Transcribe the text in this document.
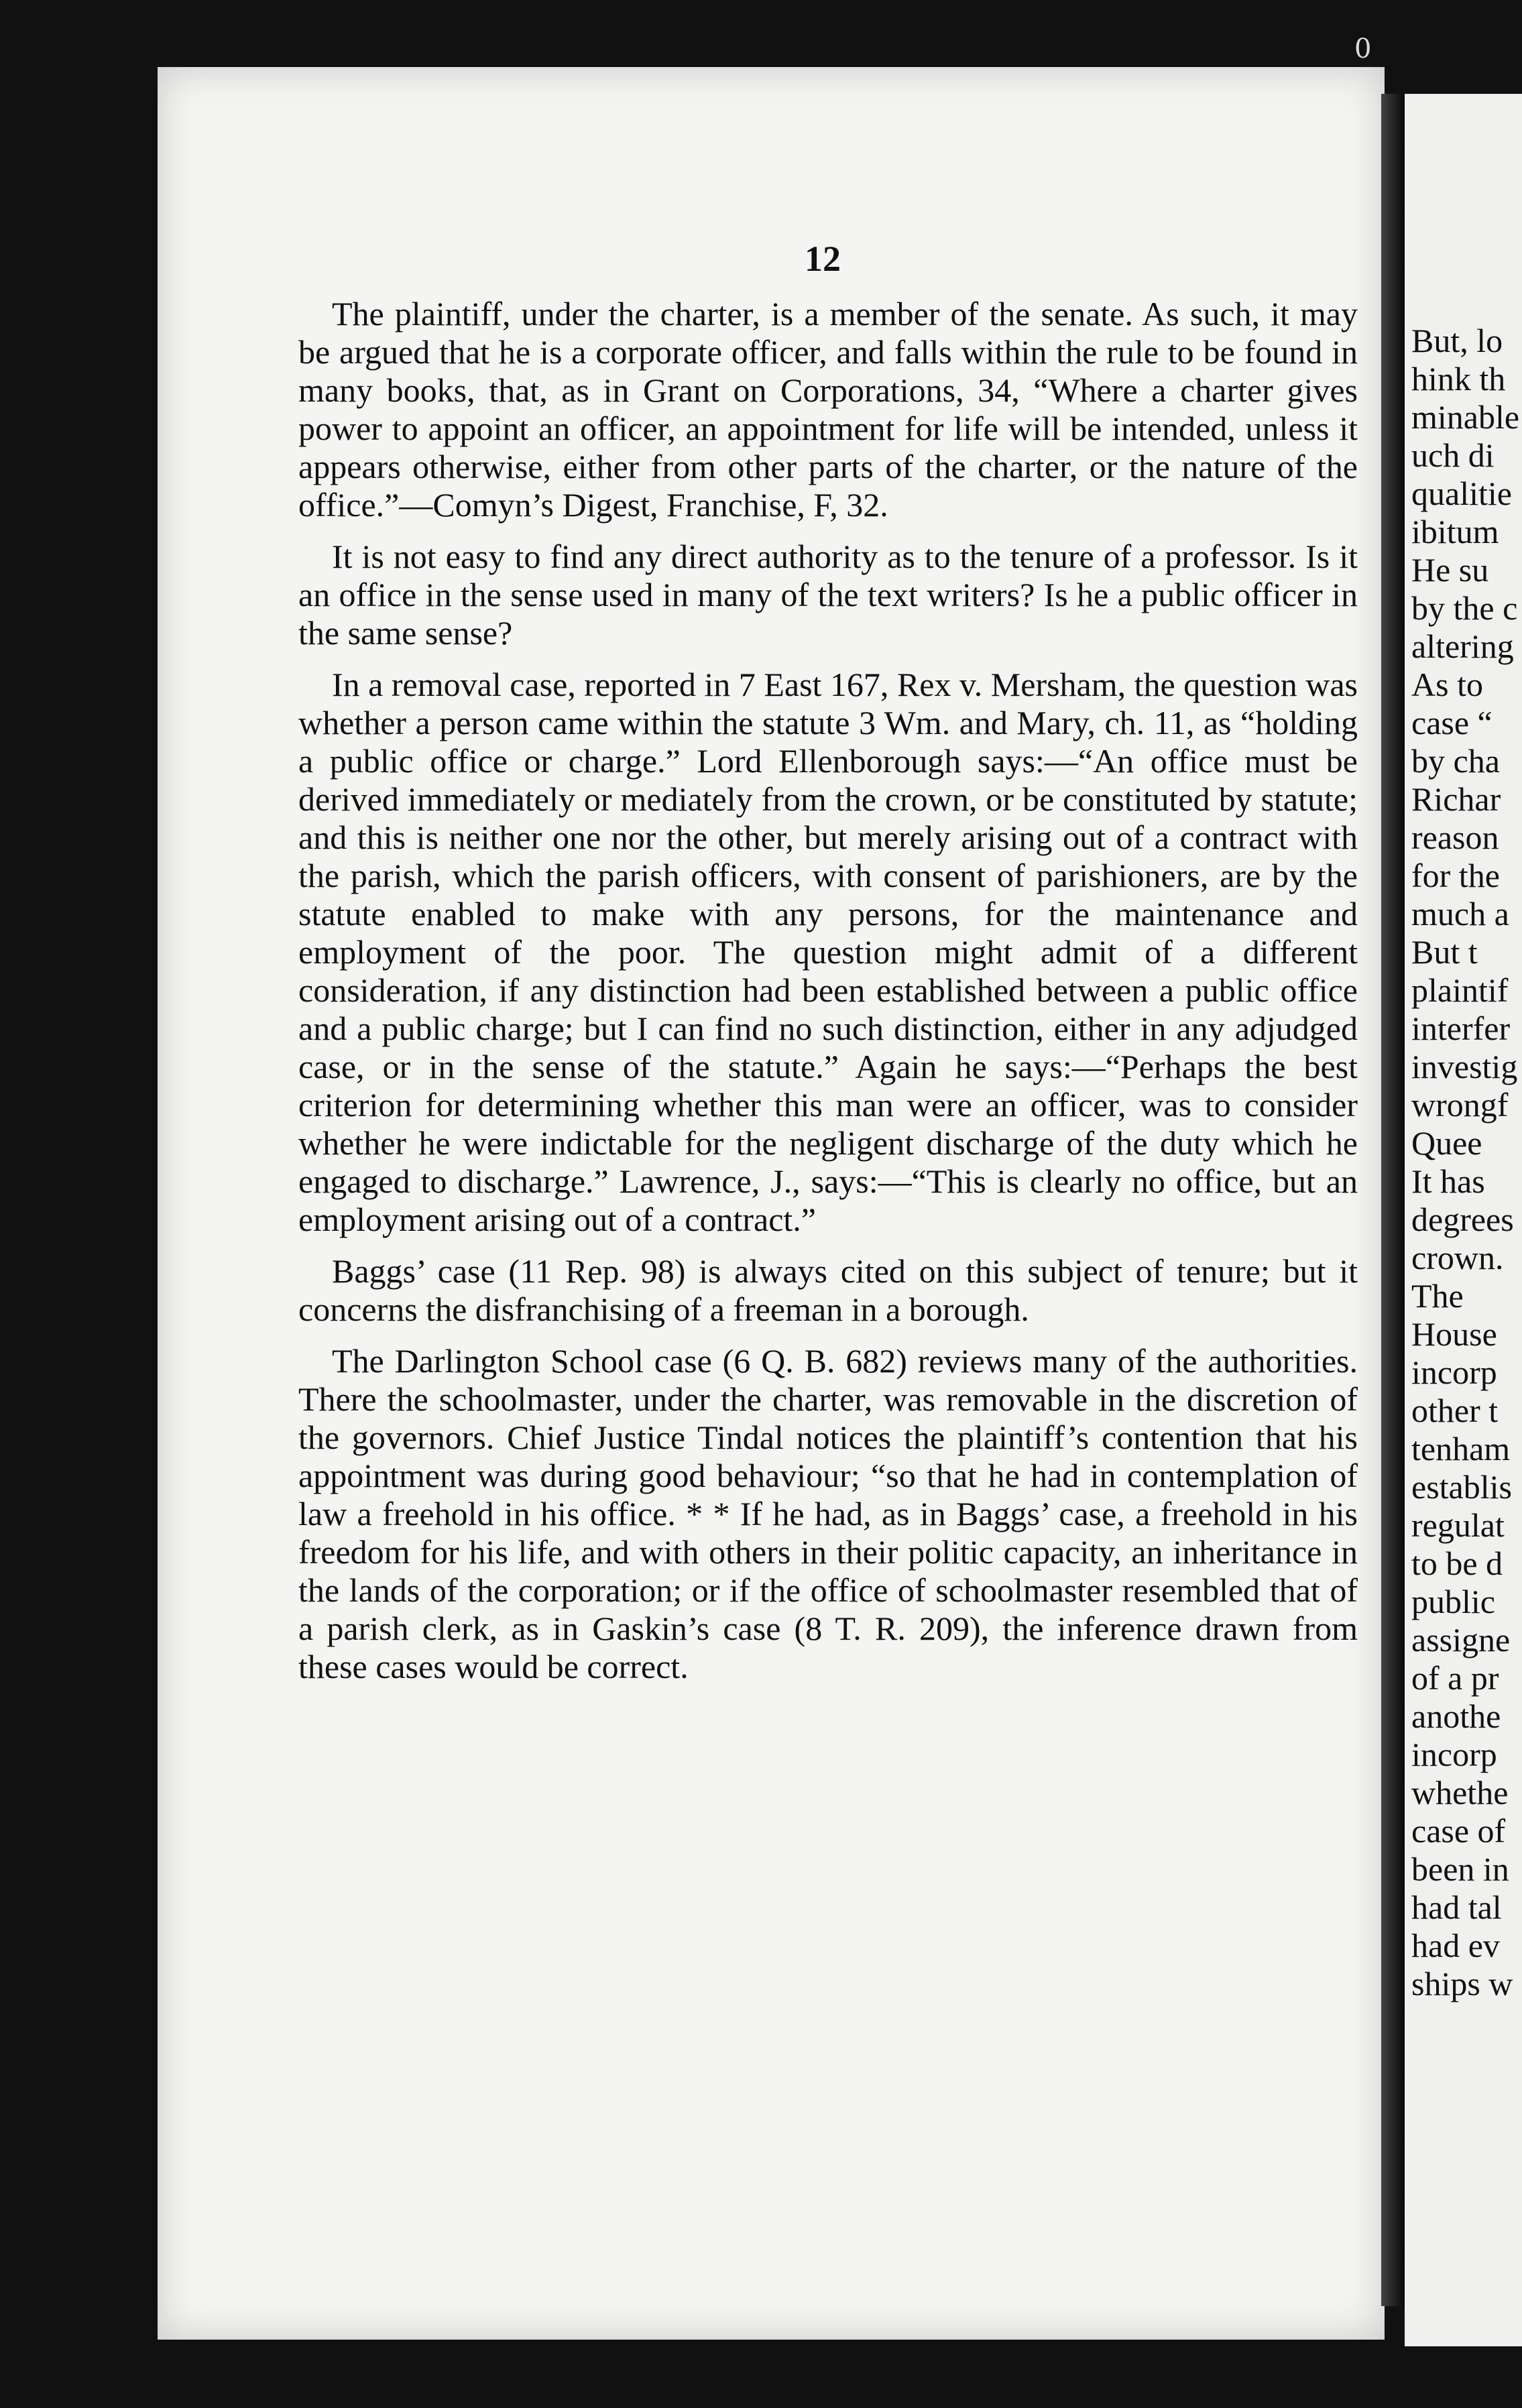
But, lo
hink th
minable
uch di
qualitie
ibitum
He su
by the c
altering
As to
case “
by cha
Richar
reason
for the
much a
But t
plaintif
interfer
investig
wrongf
Quee
It has
degrees
crown.
The
House
incorp
other t
tenham
establis
regulat
to be d
public
assigne
of a pr
anothe
incorp
whethe
case of
been in
had tal
had ev
ships w
0
12

The plaintiff, under the charter, is a member of the senate. As such, it may be argued that he is a corporate officer, and falls within the rule to be found in many books, that, as in Grant on Corporations, 34, “Where a charter gives power to appoint an officer, an appointment for life will be intended, unless it appears otherwise, either from other parts of the charter, or the nature of the office.”—Comyn’s Digest, Franchise, F, 32.

It is not easy to find any direct authority as to the tenure of a professor. Is it an office in the sense used in many of the text writers? Is he a public officer in the same sense?

In a removal case, reported in 7 East 167, Rex v. Mersham, the question was whether a person came within the statute 3 Wm. and Mary, ch. 11, as “holding a public office or charge.” Lord Ellenborough says:—“An office must be derived immediately or mediately from the crown, or be constituted by statute; and this is neither one nor the other, but merely arising out of a contract with the parish, which the parish officers, with consent of parishioners, are by the statute enabled to make with any persons, for the maintenance and employment of the poor. The question might admit of a different consideration, if any distinction had been established between a public office and a public charge; but I can find no such distinction, either in any adjudged case, or in the sense of the statute.” Again he says:—“Perhaps the best criterion for determining whether this man were an officer, was to consider whether he were indictable for the negligent discharge of the duty which he engaged to discharge.” Lawrence, J., says:—“This is clearly no office, but an employment arising out of a contract.”

Baggs’ case (11 Rep. 98) is always cited on this subject of tenure; but it concerns the disfranchising of a freeman in a borough.

The Darlington School case (6 Q. B. 682) reviews many of the authorities. There the schoolmaster, under the charter, was removable in the discretion of the governors. Chief Justice Tindal notices the plaintiff’s contention that his appointment was during good behaviour; “so that he had in contemplation of law a freehold in his office. * * If he had, as in Baggs’ case, a freehold in his freedom for his life, and with others in their politic capacity, an inheritance in the lands of the corporation; or if the office of schoolmaster resembled that of a parish clerk, as in Gaskin’s case (8 T. R. 209), the inference drawn from these cases would be correct.
